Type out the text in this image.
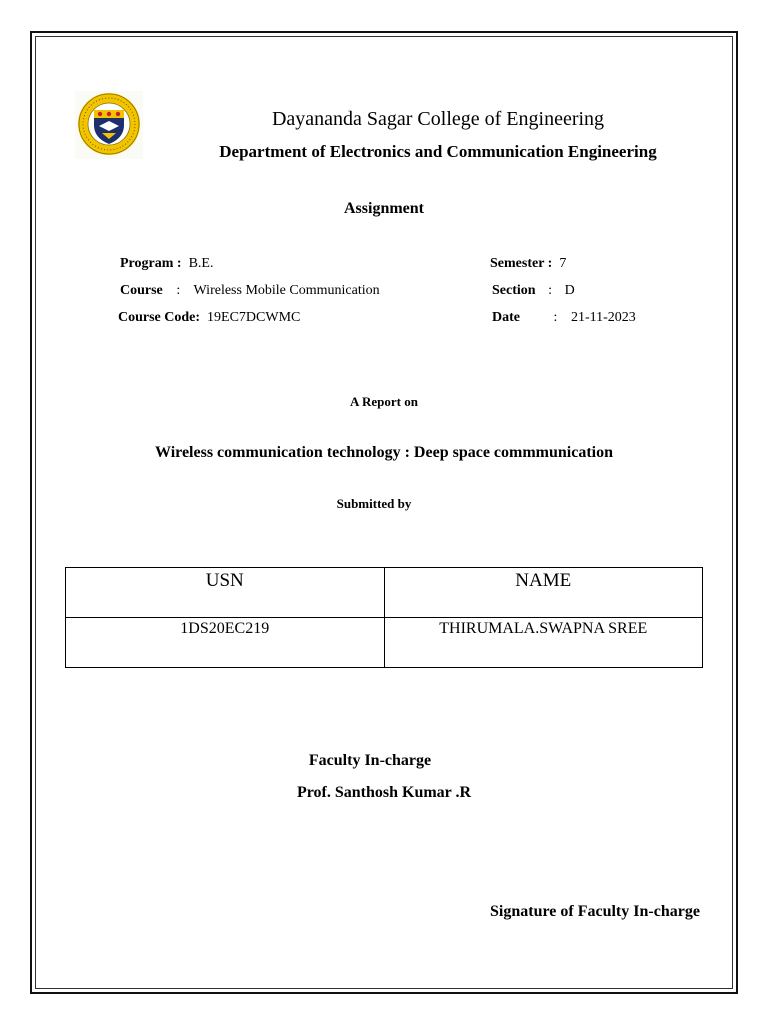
Dayananda Sagar College of Engineering
Department of Electronics and Communication Engineering
Assignment
Program : B.E.
Course : Wireless Mobile Communication
Course Code: 19EC7DCWMC
Semester : 7
Section : D
Date : 21-11-2023
A Report on
Wireless communication technology : Deep space commmunication
Submitted by
USN	NAME
1DS20EC219	THIRUMALA.SWAPNA SREE
Faculty In-charge
Prof. Santhosh Kumar .R
Signature of Faculty In-charge
